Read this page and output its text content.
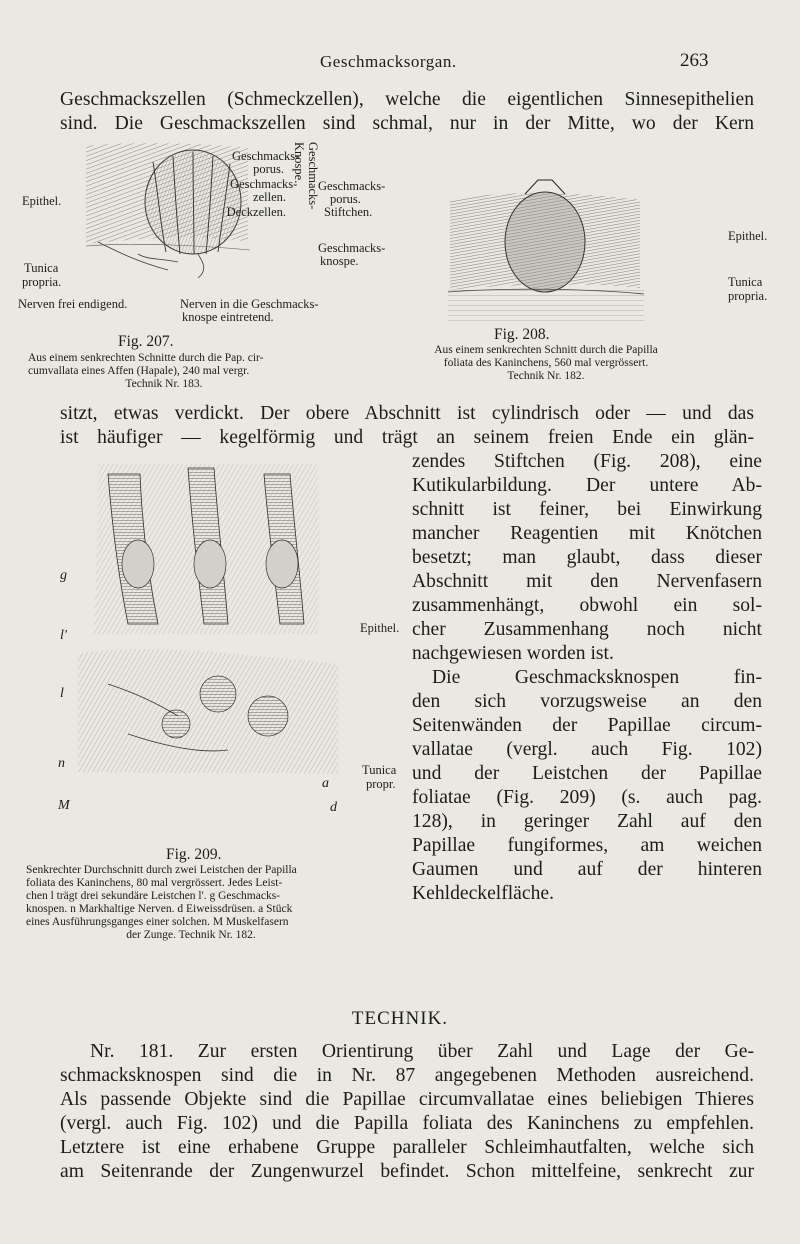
Geschmacksorgan.	263
Geschmackszellen (Schmeckzellen), welche die eigentlichen Sinnesepithelien
sind. Die Geschmackszellen sind schmal, nur in der Mitte, wo der Kern
Epithel.
Tunica
propria.
Geschmacks- porus.
Geschmacks- zellen.
Deckzellen.
Knospe. Geschmacks-
Nerven frei endigend.	Nerven in die Geschmacks-
knospe eintretend.
Fig. 207.
Aus einem senkrechten Schnitte durch die Pap. cir-
cumvallata eines Affen (Hapale), 240 mal vergr.
Technik Nr. 183.
Geschmacks-
porus.
Stiftchen.
Geschmacks-
knospe.
Epithel.
Tunica
propria.
Fig. 208.
Aus einem senkrechten Schnitt durch die Papilla
foliata des Kaninchens, 560 mal vergrössert.
Technik Nr. 182.
sitzt, etwas verdickt. Der obere Abschnitt ist cylindrisch oder — und das
ist häufiger — kegelförmig und trägt an seinem freien Ende ein glän-
g
l'
l
n
M
a
d
Epithel.
Tunica
propr.
Fig. 209.
Senkrechter Durchschnitt durch zwei Leistchen der Papilla
foliata des Kaninchens, 80 mal vergrössert. Jedes Leist-
chen l trägt drei sekundäre Leistchen l'. g Geschmacks-
knospen. n Markhaltige Nerven. d Eiweissdrüsen. a Stück
eines Ausführungsganges einer solchen. M Muskelfasern
der Zunge. Technik Nr. 182.
zendes Stiftchen (Fig. 208), eine
Kutikularbildung. Der untere Ab-
schnitt ist feiner, bei Einwirkung
mancher Reagentien mit Knötchen
besetzt; man glaubt, dass dieser
Abschnitt mit den Nervenfasern
zusammenhängt, obwohl ein sol-
cher Zusammenhang noch nicht
nachgewiesen worden ist.
Die Geschmacksknospen fin-
den sich vorzugsweise an den
Seitenwänden der Papillae circum-
vallatae (vergl. auch Fig. 102)
und der Leistchen der Papillae
foliatae (Fig. 209) (s. auch pag.
128), in geringer Zahl auf den
Papillae fungiformes, am weichen
Gaumen und auf der hinteren
Kehldeckelfläche.
TECHNIK.
Nr. 181. Zur ersten Orientirung über Zahl und Lage der Ge-
schmacksknospen sind die in Nr. 87 angegebenen Methoden ausreichend.
Als passende Objekte sind die Papillae circumvallatae eines beliebigen Thieres
(vergl. auch Fig. 102) und die Papilla foliata des Kaninchens zu empfehlen.
Letztere ist eine erhabene Gruppe paralleler Schleimhautfalten, welche sich
am Seitenrande der Zungenwurzel befindet. Schon mittelfeine, senkrecht zur
